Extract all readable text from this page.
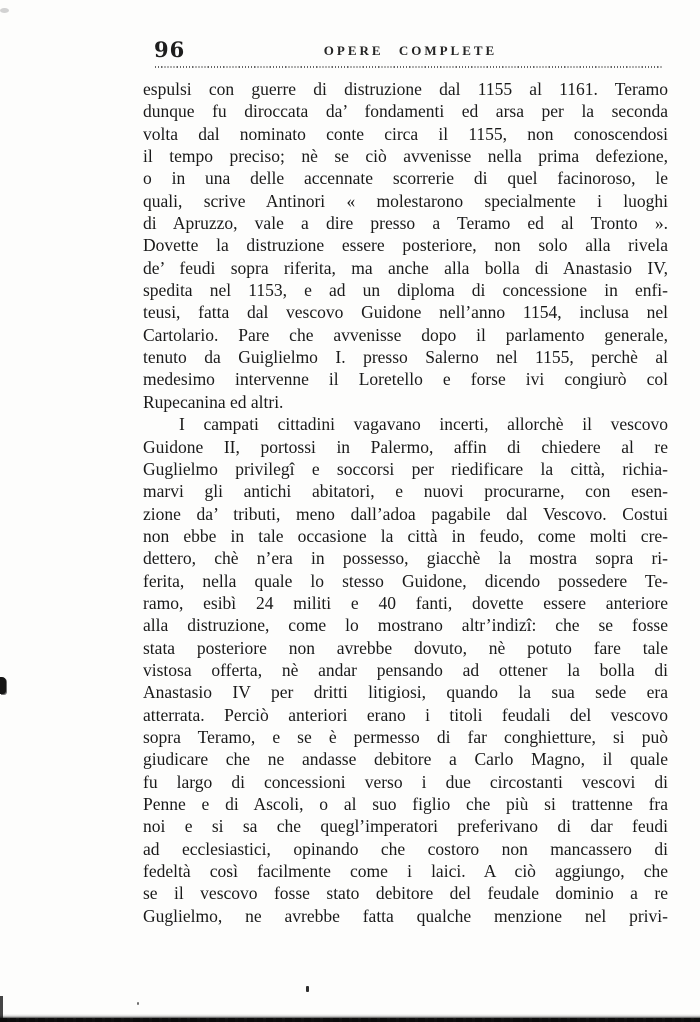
96	OPERE COMPLETE
espulsi con guerre di distruzione dal 1155 al 1161. Teramo
dunque fu diroccata da’ fondamenti ed arsa per la seconda
volta dal nominato conte circa il 1155, non conoscendosi
il tempo preciso; nè se ciò avvenisse nella prima defezione,
o in una delle accennate scorrerie di quel facinoroso, le
quali, scrive Antinori « molestarono specialmente i luoghi
di Apruzzo, vale a dire presso a Teramo ed al Tronto ».
Dovette la distruzione essere posteriore, non solo alla rivela
de’ feudi sopra riferita, ma anche alla bolla di Anastasio IV,
spedita nel 1153, e ad un diploma di concessione in enfi-
teusi, fatta dal vescovo Guidone nell’anno 1154, inclusa nel
Cartolario. Pare che avvenisse dopo il parlamento generale,
tenuto da Guiglielmo I. presso Salerno nel 1155, perchè al
medesimo intervenne il Loretello e forse ivi congiurò col
Rupecanina ed altri.
I campati cittadini vagavano incerti, allorchè il vescovo
Guidone II, portossi in Palermo, affin di chiedere al re
Guglielmo privilegî e soccorsi per riedificare la città, richia-
marvi gli antichi abitatori, e nuovi procurarne, con esen-
zione da’ tributi, meno dall’adoa pagabile dal Vescovo. Costui
non ebbe in tale occasione la città in feudo, come molti cre-
dettero, chè n’era in possesso, giacchè la mostra sopra ri-
ferita, nella quale lo stesso Guidone, dicendo possedere Te-
ramo, esibì 24 militi e 40 fanti, dovette essere anteriore
alla distruzione, come lo mostrano altr’indizî: che se fosse
stata posteriore non avrebbe dovuto, nè potuto fare tale
vistosa offerta, nè andar pensando ad ottener la bolla di
Anastasio IV per dritti litigiosi, quando la sua sede era
atterrata. Perciò anteriori erano i titoli feudali del vescovo
sopra Teramo, e se è permesso di far conghietture, si può
giudicare che ne andasse debitore a Carlo Magno, il quale
fu largo di concessioni verso i due circostanti vescovi di
Penne e di Ascoli, o al suo figlio che più si trattenne fra
noi e si sa che quegl’imperatori preferivano di dar feudi
ad ecclesiastici, opinando che costoro non mancassero di
fedeltà così facilmente come i laici. A ciò aggiungo, che
se il vescovo fosse stato debitore del feudale dominio a re
Guglielmo, ne avrebbe fatta qualche menzione nel privi-
